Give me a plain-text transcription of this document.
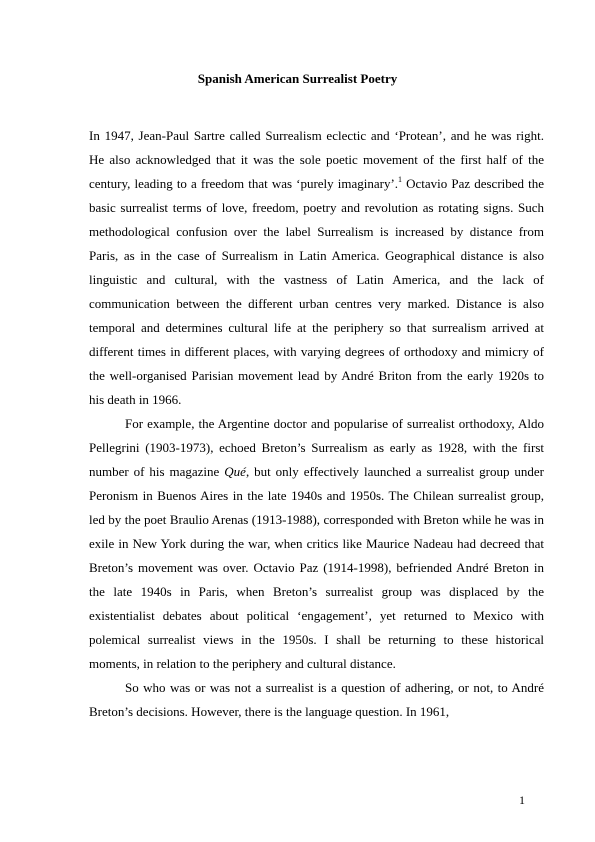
Spanish American Surrealist Poetry

In 1947, Jean-Paul Sartre called Surrealism eclectic and ‘Protean’, and he was right. He also acknowledged that it was the sole poetic movement of the first half of the century, leading to a freedom that was ‘purely imaginary’.$^1$ Octavio Paz described the basic surrealist terms of love, freedom, poetry and revolution as rotating signs. Such methodological confusion over the label Surrealism is increased by distance from Paris, as in the case of Surrealism in Latin America. Geographical distance is also linguistic and cultural, with the vastness of Latin America, and the lack of communication between the different urban centres very marked. Distance is also temporal and determines cultural life at the periphery so that surrealism arrived at different times in different places, with varying degrees of orthodoxy and mimicry of the well-organised Parisian movement lead by André Briton from the early 1920s to his death in 1966.

For example, the Argentine doctor and popularise of surrealist orthodoxy, Aldo Pellegrini (1903-1973), echoed Breton’s Surrealism as early as 1928, with the first number of his magazine Qué, but only effectively launched a surrealist group under Peronism in Buenos Aires in the late 1940s and 1950s. The Chilean surrealist group, led by the poet Braulio Arenas (1913-1988), corresponded with Breton while he was in exile in New York during the war, when critics like Maurice Nadeau had decreed that Breton’s movement was over. Octavio Paz (1914-1998), befriended André Breton in the late 1940s in Paris, when Breton’s surrealist group was displaced by the existentialist debates about political ‘engagement’, yet returned to Mexico with polemical surrealist views in the 1950s. I shall be returning to these historical moments, in relation to the periphery and cultural distance.

So who was or was not a surrealist is a question of adhering, or not, to André Breton’s decisions. However, there is the language question. In 1961,

1
